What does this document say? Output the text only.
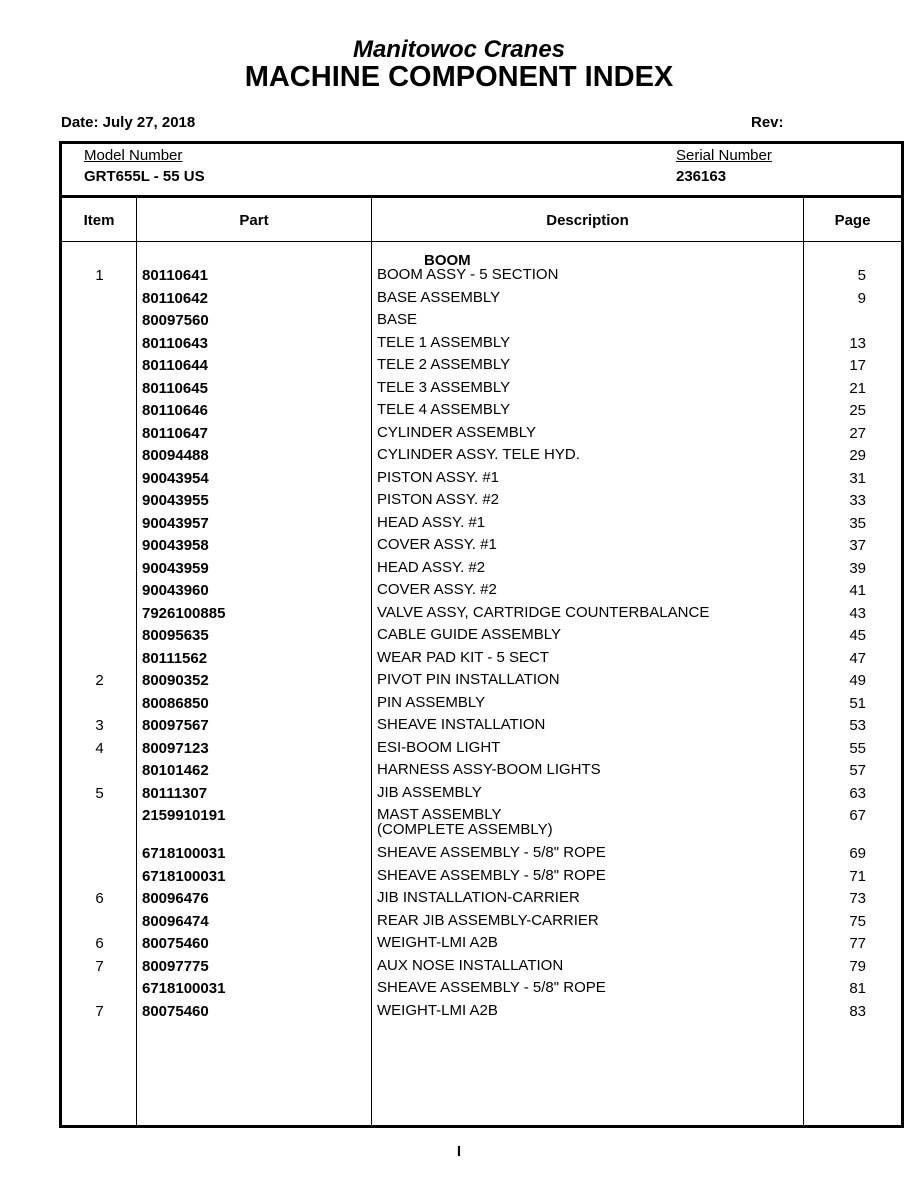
Manitowoc Cranes
MACHINE COMPONENT INDEX
Date: July 27, 2018	Rev:
Model Number
GRT655L - 55 US
Serial Number
236163
Item	Part	Description	Page
BOOM
1	80110641	BOOM ASSY - 5 SECTION	5
80110642	BASE ASSEMBLY	9
80097560	BASE
80110643	TELE 1 ASSEMBLY	13
80110644	TELE 2 ASSEMBLY	17
80110645	TELE 3 ASSEMBLY	21
80110646	TELE 4 ASSEMBLY	25
80110647	CYLINDER ASSEMBLY	27
80094488	CYLINDER ASSY. TELE HYD.	29
90043954	PISTON ASSY. #1	31
90043955	PISTON ASSY. #2	33
90043957	HEAD ASSY. #1	35
90043958	COVER ASSY. #1	37
90043959	HEAD ASSY. #2	39
90043960	COVER ASSY. #2	41
7926100885	VALVE ASSY, CARTRIDGE COUNTERBALANCE	43
80095635	CABLE GUIDE ASSEMBLY	45
80111562	WEAR PAD KIT - 5 SECT	47
2	80090352	PIVOT PIN INSTALLATION	49
80086850	PIN ASSEMBLY	51
3	80097567	SHEAVE INSTALLATION	53
4	80097123	ESI-BOOM LIGHT	55
80101462	HARNESS ASSY-BOOM LIGHTS	57
5	80111307	JIB ASSEMBLY	63
2159910191	MAST ASSEMBLY	67
(COMPLETE ASSEMBLY)
6718100031	SHEAVE ASSEMBLY - 5/8" ROPE	69
6718100031	SHEAVE ASSEMBLY - 5/8" ROPE	71
6	80096476	JIB INSTALLATION-CARRIER	73
80096474	REAR JIB ASSEMBLY-CARRIER	75
6	80075460	WEIGHT-LMI A2B	77
7	80097775	AUX NOSE INSTALLATION	79
6718100031	SHEAVE ASSEMBLY - 5/8" ROPE	81
7	80075460	WEIGHT-LMI A2B	83
I
